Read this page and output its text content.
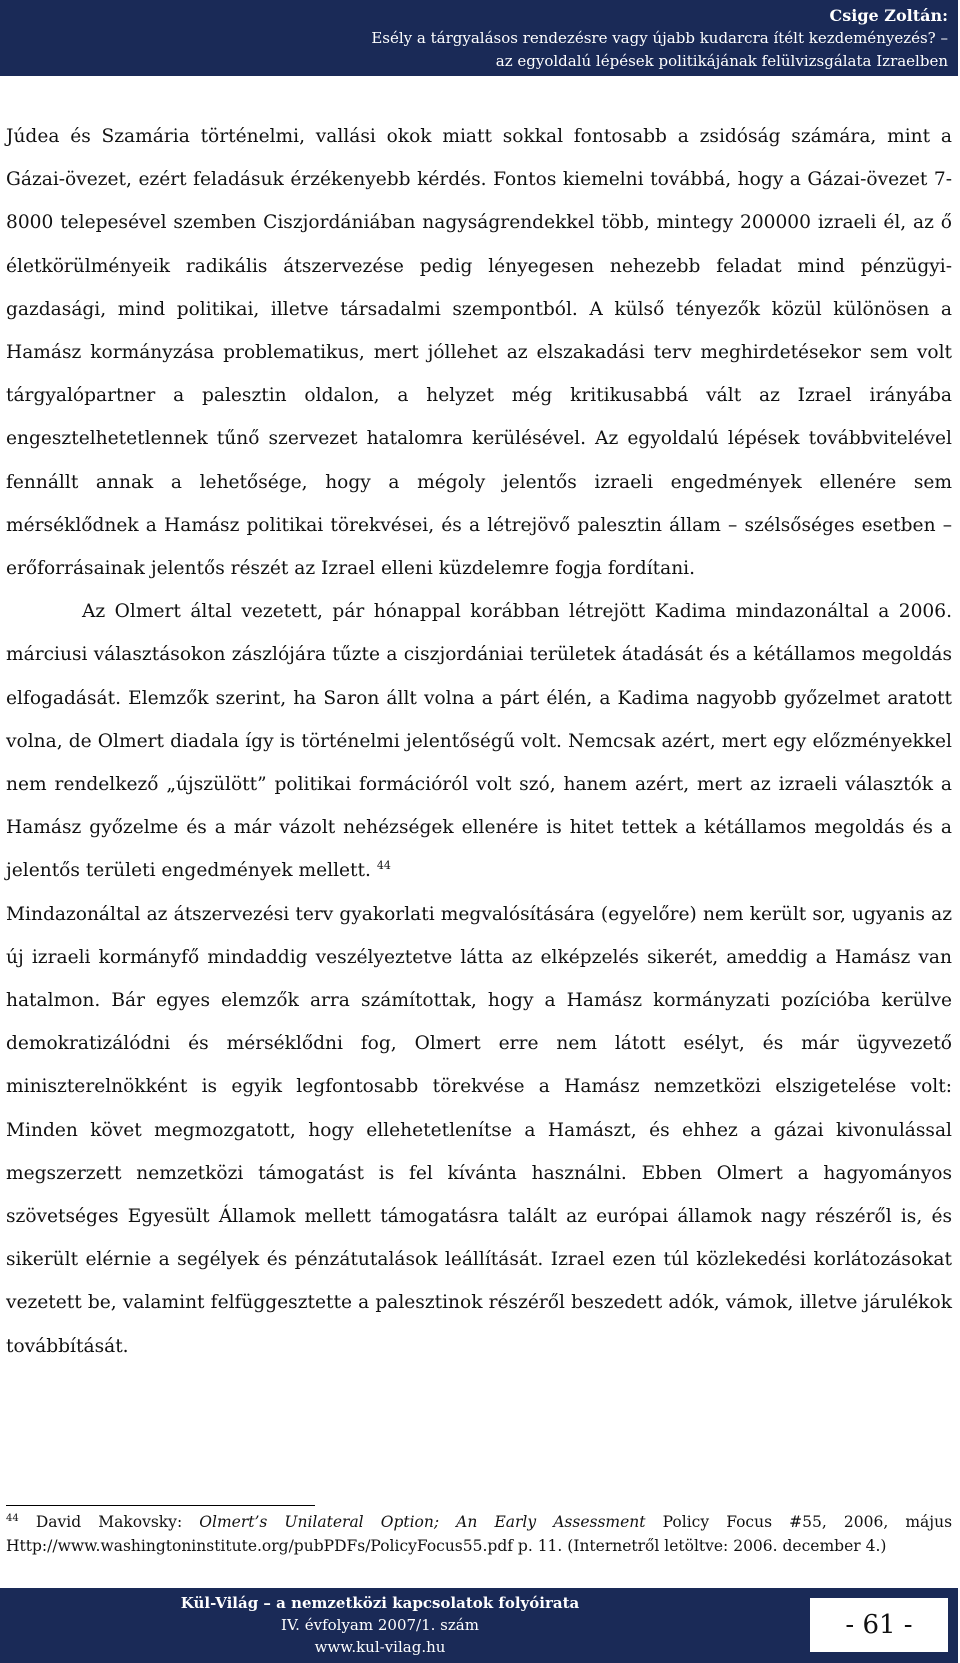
Csige Zoltán:
Esély a tárgyalásos rendezésre vagy újabb kudarcra ítélt kezdeményezés? –
az egyoldalú lépések politikájának felülvizsgálata Izraelben

Júdea és Szamária történelmi, vallási okok miatt sokkal fontosabb a zsidóság számára, mint a Gázai-övezet, ezért feladásuk érzékenyebb kérdés. Fontos kiemelni továbbá, hogy a Gázai-övezet 7-8000 telepesével szemben Ciszjordániában nagyságrendekkel több, mintegy 200000 izraeli él, az ő életkörülményeik radikális átszervezése pedig lényegesen nehezebb feladat mind pénzügyi-gazdasági, mind politikai, illetve társadalmi szempontból. A külső tényezők közül különösen a Hamász kormányzása problematikus, mert jóllehet az elszakadási terv meghirdetésekor sem volt tárgyalópartner a palesztin oldalon, a helyzet még kritikusabbá vált az Izrael irányába engesztelhetetlennek tűnő szervezet hatalomra kerülésével. Az egyoldalú lépések továbbvitelével fennállt annak a lehetősége, hogy a mégoly jelentős izraeli engedmények ellenére sem mérséklődnek a Hamász politikai törekvései, és a létrejövő palesztin állam – szélsőséges esetben – erőforrásainak jelentős részét az Izrael elleni küzdelemre fogja fordítani.

Az Olmert által vezetett, pár hónappal korábban létrejött Kadima mindazonáltal a 2006. márciusi választásokon zászlójára tűzte a ciszjordániai területek átadását és a kétállamos megoldás elfogadását. Elemzők szerint, ha Saron állt volna a párt élén, a Kadima nagyobb győzelmet aratott volna, de Olmert diadala így is történelmi jelentőségű volt. Nemcsak azért, mert egy előzményekkel nem rendelkező „újszülött” politikai formációról volt szó, hanem azért, mert az izraeli választók a Hamász győzelme és a már vázolt nehézségek ellenére is hitet tettek a kétállamos megoldás és a jelentős területi engedmények mellett. $^{44}$

Mindazonáltal az átszervezési terv gyakorlati megvalósítására (egyelőre) nem került sor, ugyanis az új izraeli kormányfő mindaddig veszélyeztetve látta az elképzelés sikerét, ameddig a Hamász van hatalmon. Bár egyes elemzők arra számítottak, hogy a Hamász kormányzati pozícióba kerülve demokratizálódni és mérséklődni fog, Olmert erre nem látott esélyt, és már ügyvezető miniszterelnökként is egyik legfontosabb törekvése a Hamász nemzetközi elszigetelése volt: Minden követ megmozgatott, hogy ellehetetlenítse a Hamászt, és ehhez a gázai kivonulással megszerzett nemzetközi támogatást is fel kívánta használni. Ebben Olmert a hagyományos szövetséges Egyesült Államok mellett támogatásra talált az európai államok nagy részéről is, és sikerült elérnie a segélyek és pénzátutalások leállítását. Izrael ezen túl közlekedési korlátozásokat vezetett be, valamint felfüggesztette a palesztinok részéről beszedett adók, vámok, illetve járulékok továbbítását.

$^{44}$ David Makovsky: Olmert’s Unilateral Option; An Early Assessment Policy Focus #55, 2006, május Http://www.washingtoninstitute.org/pubPDFs/PolicyFocus55.pdf p. 11. (Internetről letöltve: 2006. december 4.)
Kül-Világ – a nemzetközi kapcsolatok folyóirata
IV. évfolyam 2007/1. szám
www.kul-vilag.hu
- 61 -
